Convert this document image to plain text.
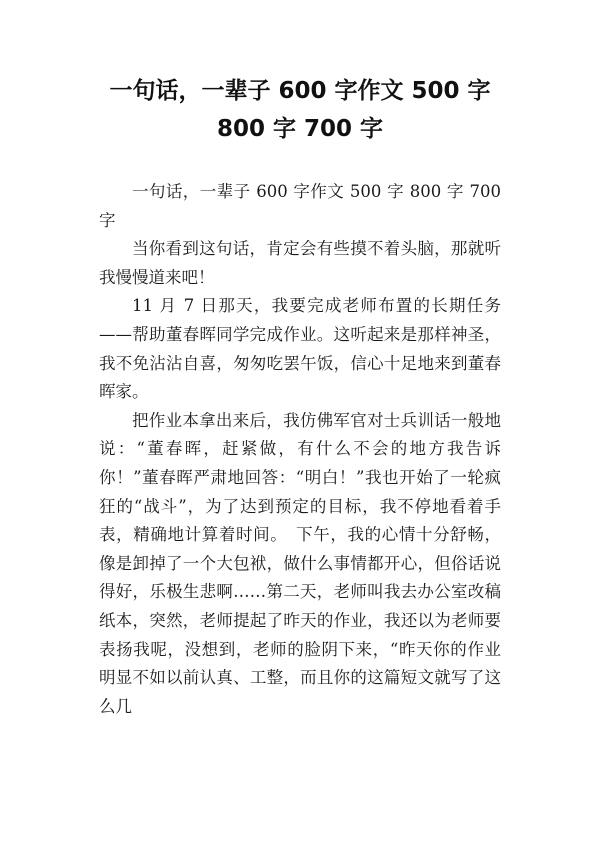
一句话，一辈子 600 字作文 500 字
800 字 700 字

一句话，一辈子 600 字作文 500 字 800 字 700 字

当你看到这句话，肯定会有些摸不着头脑，那就听我慢慢道来吧！

11 月 7 日那天，我要完成老师布置的长期任务——帮助董春晖同学完成作业。这听起来是那样神圣，我不免沾沾自喜，匆匆吃罢午饭，信心十足地来到董春晖家。

把作业本拿出来后，我仿佛军官对士兵训话一般地说：“董春晖，赶紧做，有什么不会的地方我告诉你！”董春晖严肃地回答：“明白！”我也开始了一轮疯狂的“战斗”，为了达到预定的目标，我不停地看着手表，精确地计算着时间。　下午，我的心情十分舒畅，像是卸掉了一个大包袱，做什么事情都开心，但俗话说得好，乐极生悲啊……第二天，老师叫我去办公室改稿纸本，突然，老师提起了昨天的作业，我还以为老师要表扬我呢，没想到，老师的脸阴下来，“昨天你的作业明显不如以前认真、工整，而且你的这篇短文就写了这么几
